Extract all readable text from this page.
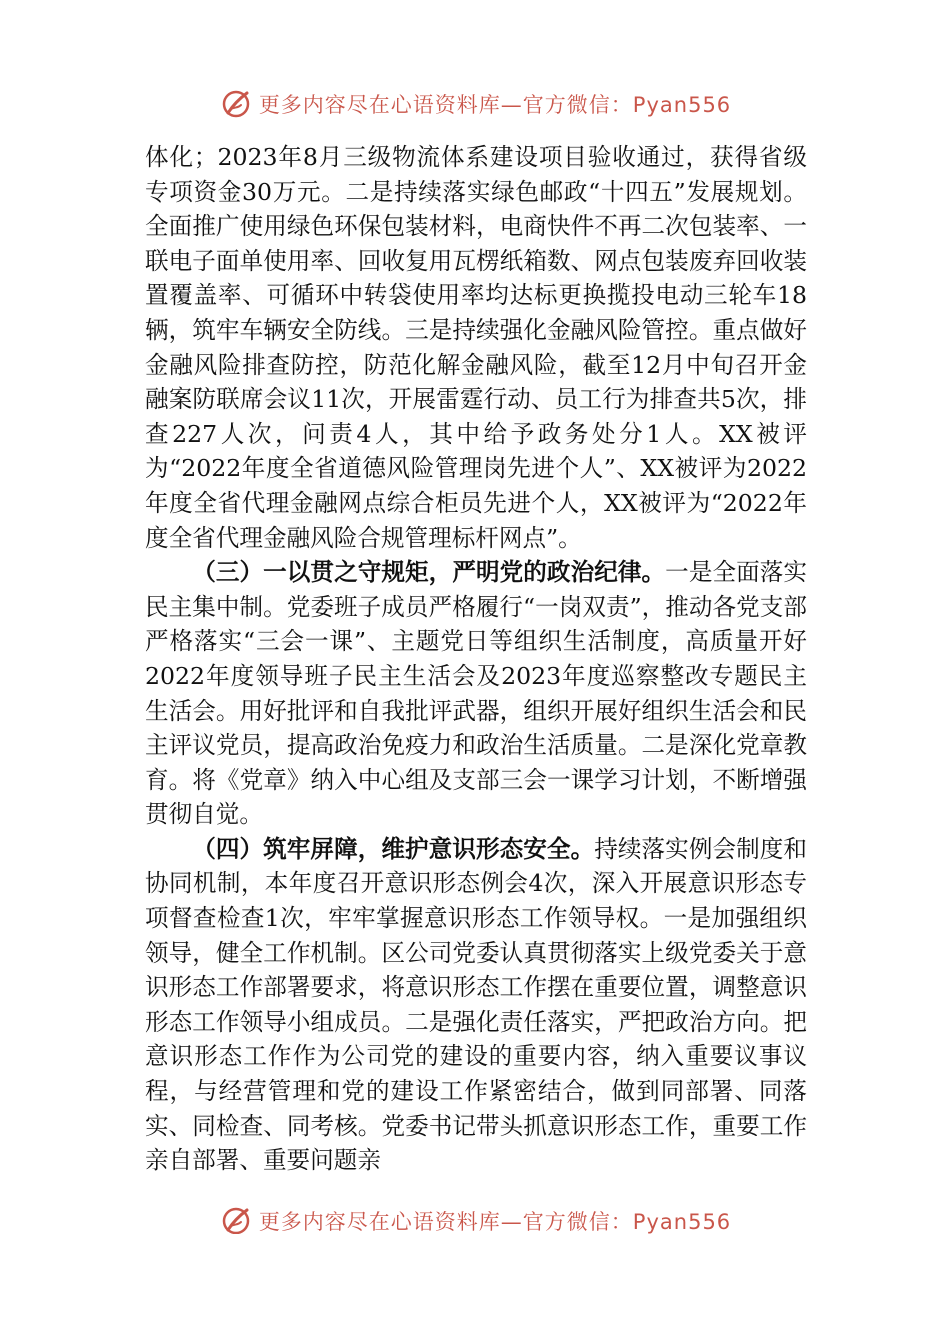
更多内容尽在心语资料库—官方微信：Pyan556

体化；2023年8月三级物流体系建设项目验收通过，获得省级专项资金30万元。二是持续落实绿色邮政“十四五”发展规划。全面推广使用绿色环保包装材料，电商快件不再二次包装率、一联电子面单使用率、回收复用瓦楞纸箱数、网点包装废弃回收装置覆盖率、可循环中转袋使用率均达标更换揽投电动三轮车18辆，筑牢车辆安全防线。三是持续强化金融风险管控。重点做好金融风险排查防控，防范化解金融风险，截至12月中旬召开金融案防联席会议11次，开展雷霆行动、员工行为排查共5次，排查227人次，问责4人，其中给予政务处分1人。XX被评为“2022年度全省道德风险管理岗先进个人”、XX被评为2022年度全省代理金融网点综合柜员先进个人，XX被评为“2022年度全省代理金融风险合规管理标杆网点”。

（三）一以贯之守规矩，严明党的政治纪律。一是全面落实民主集中制。党委班子成员严格履行“一岗双责”，推动各党支部严格落实“三会一课”、主题党日等组织生活制度，高质量开好2022年度领导班子民主生活会及2023年度巡察整改专题民主生活会。用好批评和自我批评武器，组织开展好组织生活会和民主评议党员，提高政治免疫力和政治生活质量。二是深化党章教育。将《党章》纳入中心组及支部三会一课学习计划，不断增强贯彻自觉。

（四）筑牢屏障，维护意识形态安全。持续落实例会制度和协同机制，本年度召开意识形态例会4次，深入开展意识形态专项督查检查1次，牢牢掌握意识形态工作领导权。一是加强组织领导，健全工作机制。区公司党委认真贯彻落实上级党委关于意识形态工作部署要求，将意识形态工作摆在重要位置，调整意识形态工作领导小组成员。二是强化责任落实，严把政治方向。把意识形态工作作为公司党的建设的重要内容，纳入重要议事议程，与经营管理和党的建设工作紧密结合，做到同部署、同落实、同检查、同考核。党委书记带头抓意识形态工作，重要工作亲自部署、重要问题亲

更多内容尽在心语资料库—官方微信：Pyan556
